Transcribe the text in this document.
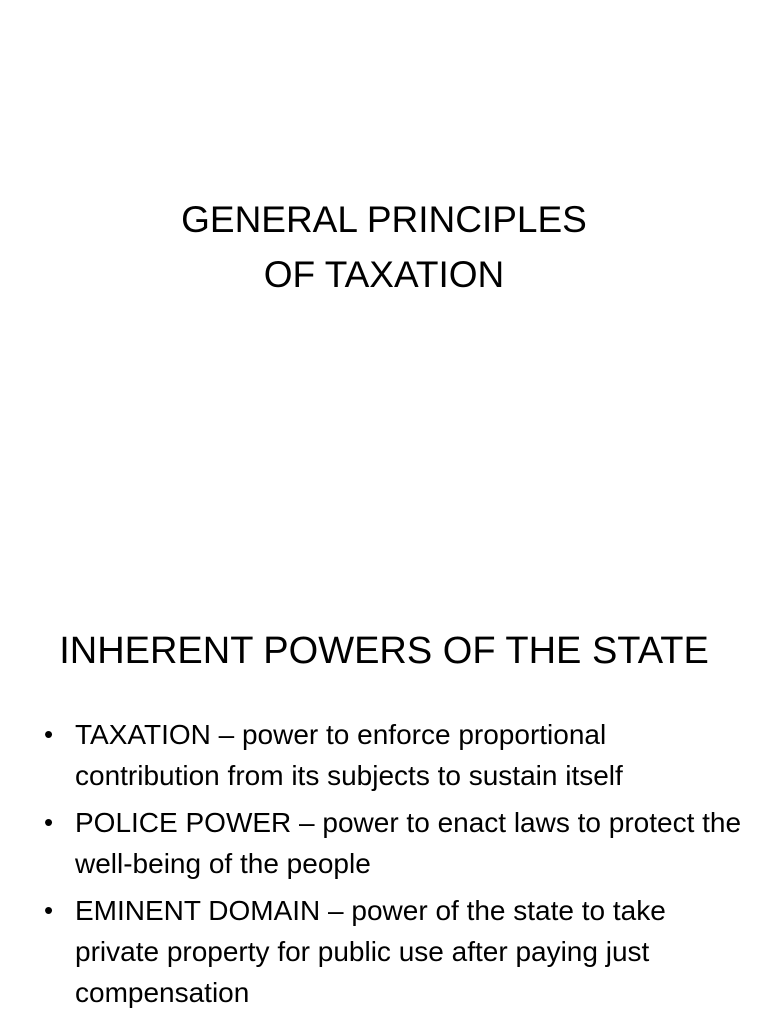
GENERAL PRINCIPLES
OF TAXATION
INHERENT POWERS OF THE STATE
• TAXATION – power to enforce proportional contribution from its subjects to sustain itself
• POLICE POWER – power to enact laws to protect the well-being of the people
• EMINENT DOMAIN – power of the state to take private property for public use after paying just compensation
